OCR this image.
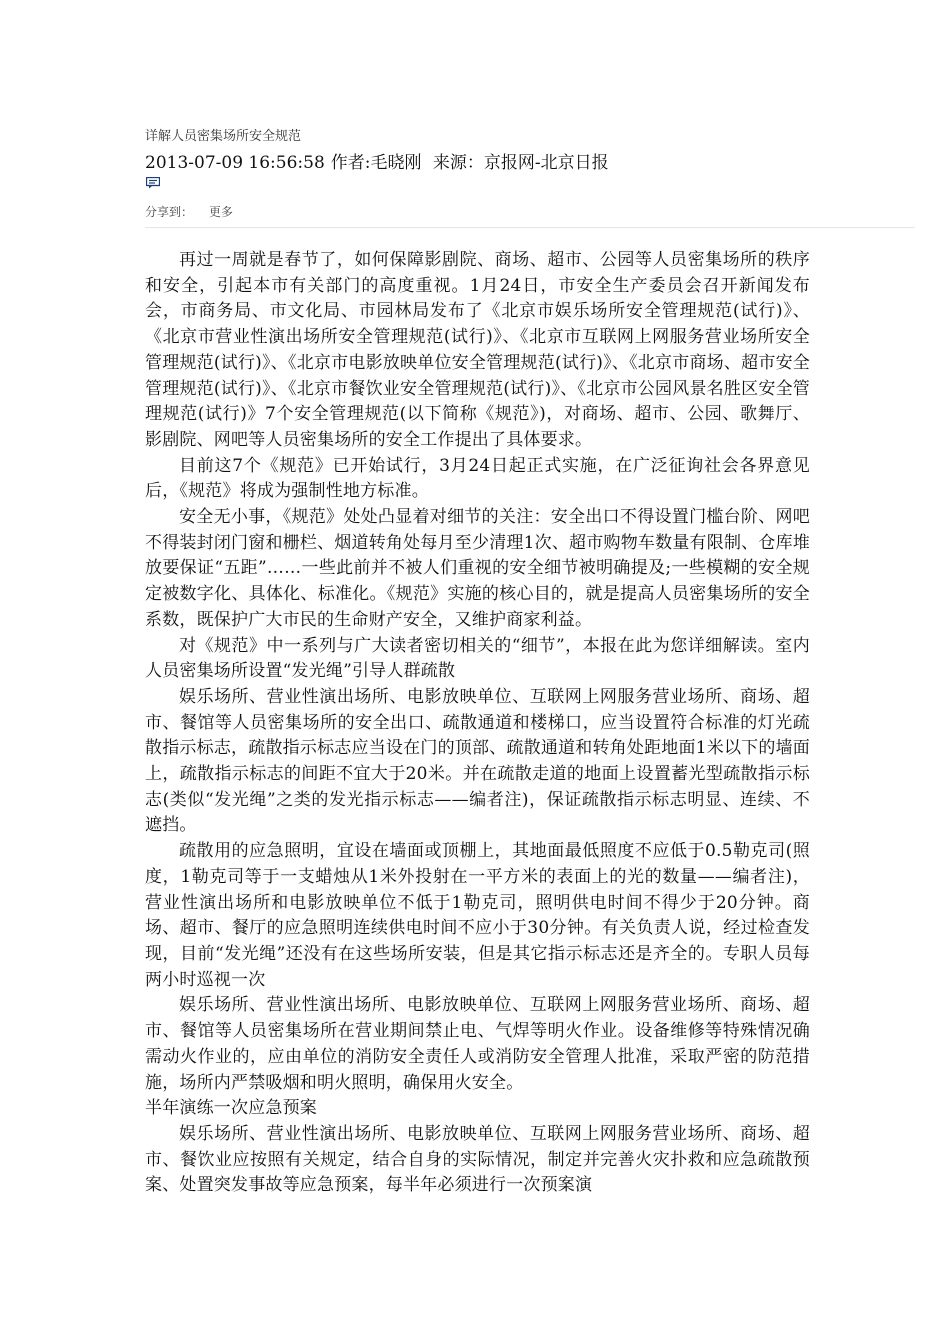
详解人员密集场所安全规范
2013-07-09 16:56:58 作者:毛晓刚 来源：京报网-北京日报
分享到： 更多

再过一周就是春节了，如何保障影剧院、商场、超市、公园等人员密集场所的秩序和安全，引起本市有关部门的高度重视。1月24日，市安全生产委员会召开新闻发布会，市商务局、市文化局、市园林局发布了《北京市娱乐场所安全管理规范(试行)》、《北京市营业性演出场所安全管理规范(试行)》、《北京市互联网上网服务营业场所安全管理规范(试行)》、《北京市电影放映单位安全管理规范(试行)》、《北京市商场、超市安全管理规范(试行)》、《北京市餐饮业安全管理规范(试行)》、《北京市公园风景名胜区安全管理规范(试行)》7个安全管理规范(以下简称《规范》)，对商场、超市、公园、歌舞厅、影剧院、网吧等人员密集场所的安全工作提出了具体要求。

目前这7个《规范》已开始试行，3月24日起正式实施，在广泛征询社会各界意见后，《规范》将成为强制性地方标准。

安全无小事，《规范》处处凸显着对细节的关注：安全出口不得设置门槛台阶、网吧不得装封闭门窗和栅栏、烟道转角处每月至少清理1次、超市购物车数量有限制、仓库堆放要保证“五距”……一些此前并不被人们重视的安全细节被明确提及;一些模糊的安全规定被数字化、具体化、标准化。《规范》实施的核心目的，就是提高人员密集场所的安全系数，既保护广大市民的生命财产安全，又维护商家利益。

对《规范》中一系列与广大读者密切相关的“细节”，本报在此为您详细解读。室内人员密集场所设置“发光绳”引导人群疏散

娱乐场所、营业性演出场所、电影放映单位、互联网上网服务营业场所、商场、超市、餐馆等人员密集场所的安全出口、疏散通道和楼梯口，应当设置符合标准的灯光疏散指示标志，疏散指示标志应当设在门的顶部、疏散通道和转角处距地面1米以下的墙面上，疏散指示标志的间距不宜大于20米。并在疏散走道的地面上设置蓄光型疏散指示标志(类似“发光绳”之类的发光指示标志——编者注)，保证疏散指示标志明显、连续、不遮挡。

疏散用的应急照明，宜设在墙面或顶棚上，其地面最低照度不应低于0.5勒克司(照度，1勒克司等于一支蜡烛从1米外投射在一平方米的表面上的光的数量——编者注)，营业性演出场所和电影放映单位不低于1勒克司，照明供电时间不得少于20分钟。商场、超市、餐厅的应急照明连续供电时间不应小于30分钟。有关负责人说，经过检查发现，目前“发光绳”还没有在这些场所安装，但是其它指示标志还是齐全的。专职人员每两小时巡视一次

娱乐场所、营业性演出场所、电影放映单位、互联网上网服务营业场所、商场、超市、餐馆等人员密集场所在营业期间禁止电、气焊等明火作业。设备维修等特殊情况确需动火作业的，应由单位的消防安全责任人或消防安全管理人批准，采取严密的防范措施，场所内严禁吸烟和明火照明，确保用火安全。

半年演练一次应急预案

娱乐场所、营业性演出场所、电影放映单位、互联网上网服务营业场所、商场、超市、餐饮业应按照有关规定，结合自身的实际情况，制定并完善火灾扑救和应急疏散预案、处置突发事故等应急预案，每半年必须进行一次预案演
